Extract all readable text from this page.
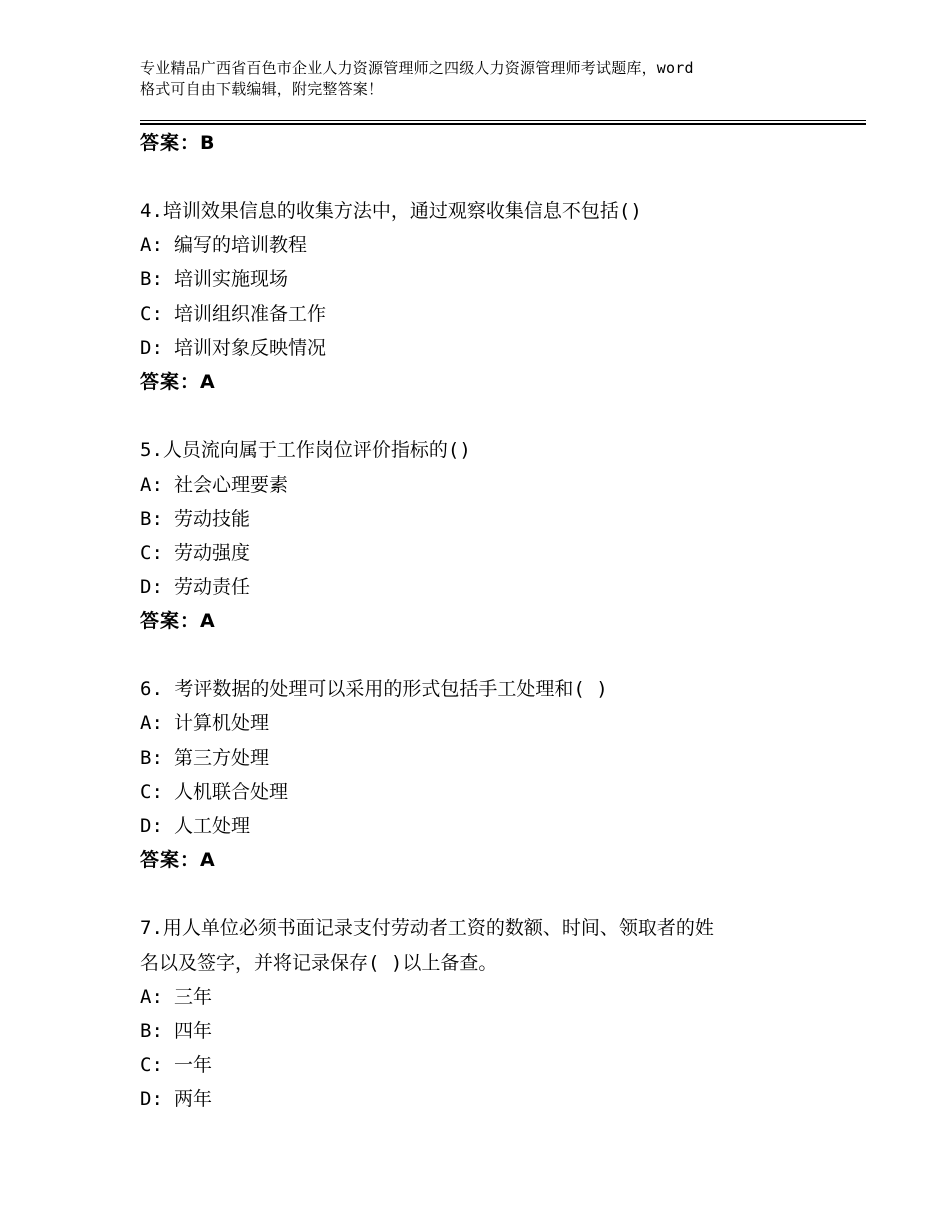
专业精品广西省百色市企业人力资源管理师之四级人力资源管理师考试题库，word
格式可自由下载编辑，附完整答案！
答案：B
4.培训效果信息的收集方法中，通过观察收集信息不包括()
A: 编写的培训教程
B: 培训实施现场
C: 培训组织准备工作
D: 培训对象反映情况
答案：A
5.人员流向属于工作岗位评价指标的()
A: 社会心理要素
B: 劳动技能
C: 劳动强度
D: 劳动责任
答案：A
6. 考评数据的处理可以采用的形式包括手工处理和( )
A: 计算机处理
B: 第三方处理
C: 人机联合处理
D: 人工处理
答案：A
7.用人单位必须书面记录支付劳动者工资的数额、时间、领取者的姓
名以及签字，并将记录保存( )以上备查。
A: 三年
B: 四年
C: 一年
D: 两年
